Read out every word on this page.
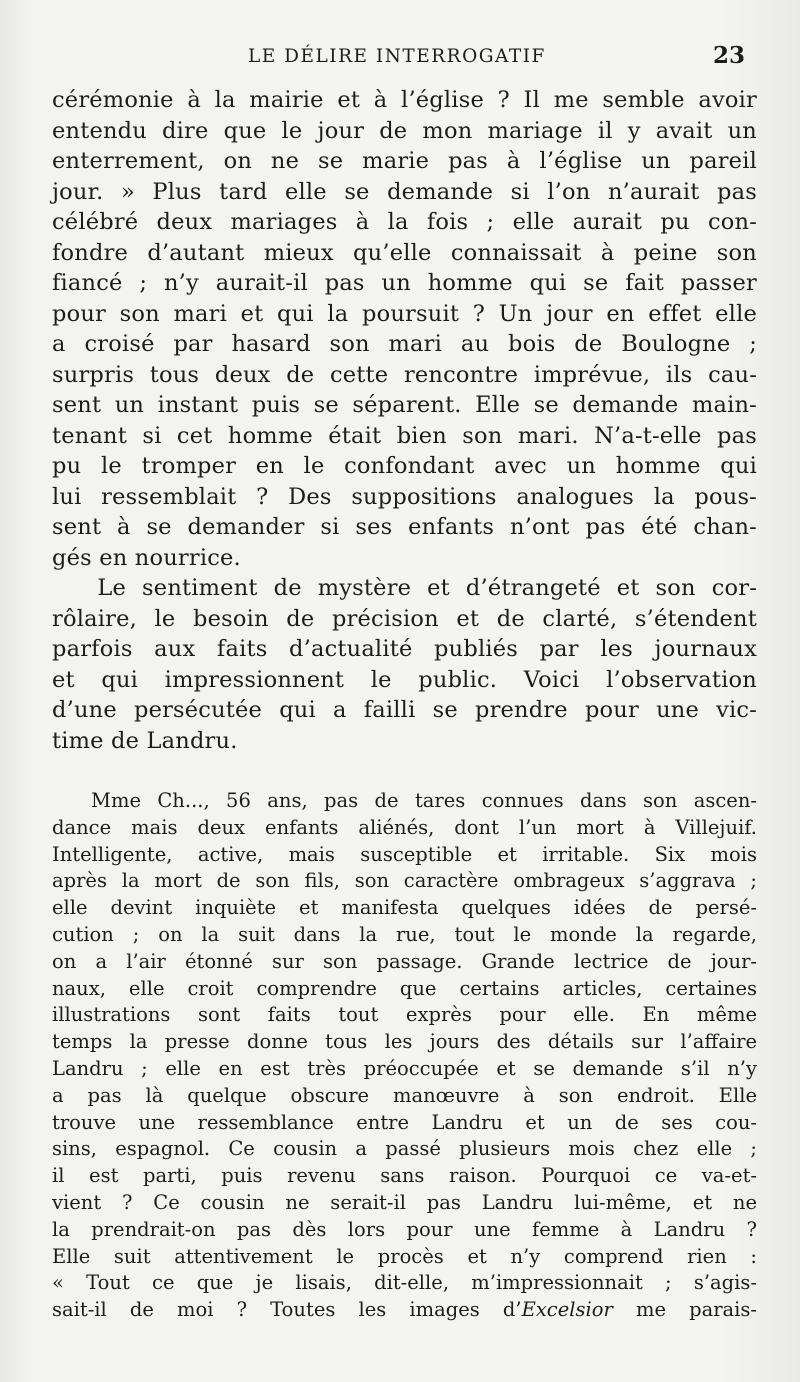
LE DÉLIRE INTERROGATIF	23
cérémonie à la mairie et à l’église ? Il me semble avoir
entendu dire que le jour de mon mariage il y avait un
enterrement, on ne se marie pas à l’église un pareil
jour. » Plus tard elle se demande si l’on n’aurait pas
célébré deux mariages à la fois ; elle aurait pu con-
fondre d’autant mieux qu’elle connaissait à peine son
fiancé ; n’y aurait-il pas un homme qui se fait passer
pour son mari et qui la poursuit ? Un jour en effet elle
a croisé par hasard son mari au bois de Boulogne ;
surpris tous deux de cette rencontre imprévue, ils cau-
sent un instant puis se séparent. Elle se demande main-
tenant si cet homme était bien son mari. N’a-t-elle pas
pu le tromper en le confondant avec un homme qui
lui ressemblait ? Des suppositions analogues la pous-
sent à se demander si ses enfants n’ont pas été chan-
gés en nourrice.
  Le sentiment de mystère et d’étrangeté et son cor-
rôlaire, le besoin de précision et de clarté, s’étendent
parfois aux faits d’actualité publiés par les journaux
et qui impressionnent le public. Voici l’observation
d’une persécutée qui a failli se prendre pour une vic-
time de Landru.
  Mme Ch..., 56 ans, pas de tares connues dans son ascen-
dance mais deux enfants aliénés, dont l’un mort à Villejuif.
Intelligente, active, mais susceptible et irritable. Six mois
après la mort de son fils, son caractère ombrageux s’aggrava ;
elle devint inquiète et manifesta quelques idées de persé-
cution ; on la suit dans la rue, tout le monde la regarde,
on a l’air étonné sur son passage. Grande lectrice de jour-
naux, elle croit comprendre que certains articles, certaines
illustrations sont faits tout exprès pour elle. En même
temps la presse donne tous les jours des détails sur l’affaire
Landru ; elle en est très préoccupée et se demande s’il n’y
a pas là quelque obscure manœuvre à son endroit. Elle
trouve une ressemblance entre Landru et un de ses cou-
sins, espagnol. Ce cousin a passé plusieurs mois chez elle ;
il est parti, puis revenu sans raison. Pourquoi ce va-et-
vient ? Ce cousin ne serait-il pas Landru lui-même, et ne
la prendrait-on pas dès lors pour une femme à Landru ?
Elle suit attentivement le procès et n’y comprend rien :
« Tout ce que je lisais, dit-elle, m’impressionnait ; s’agis-
sait-il de moi ? Toutes les images d’Excelsior me parais-
